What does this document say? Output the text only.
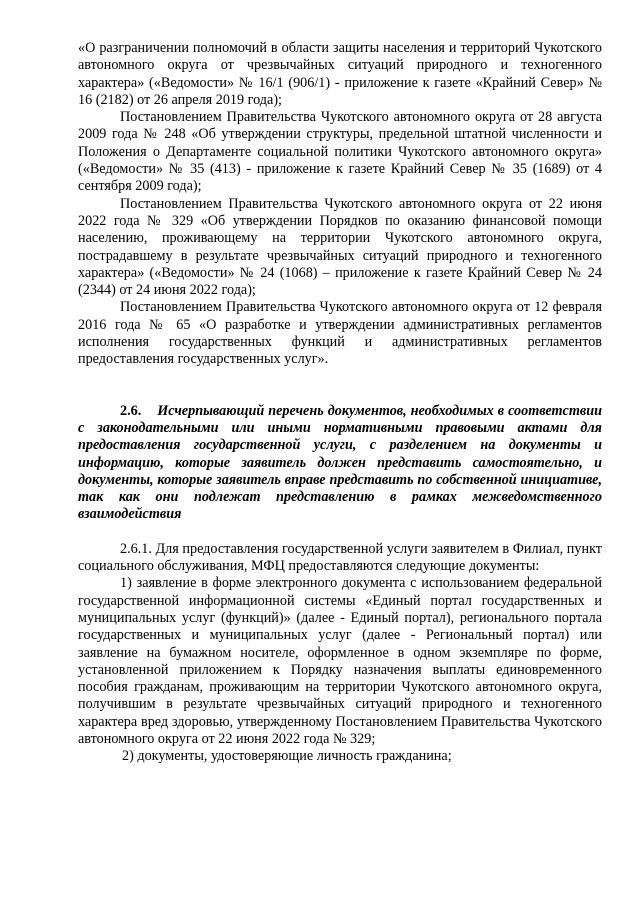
«О разграничении полномочий в области защиты населения и территорий Чукотского автономного округа от чрезвычайных ситуаций природного и техногенного характера» («Ведомости» № 16/1 (906/1) - приложение к газете «Крайний Север» № 16 (2182) от 26 апреля 2019 года);

Постановлением Правительства Чукотского автономного округа от 28 августа 2009 года № 248 «Об утверждении структуры, предельной штатной численности и Положения о Департаменте социальной политики Чукотского автономного округа» («Ведомости» № 35 (413) - приложение к газете Крайний Север № 35 (1689) от 4 сентября 2009 года);

Постановлением Правительства Чукотского автономного округа от 22 июня 2022 года № 329 «Об утверждении Порядков по оказанию финансовой помощи населению, проживающему на территории Чукотского автономного округа, пострадавшему в результате чрезвычайных ситуаций природного и техногенного характера» («Ведомости» № 24 (1068) – приложение к газете Крайний Север № 24 (2344) от 24 июня 2022 года);

Постановлением Правительства Чукотского автономного округа от 12 февраля 2016 года № 65 «О разработке и утверждении административных регламентов исполнения государственных функций и административных регламентов предоставления государственных услуг».

2.6. Исчерпывающий перечень документов, необходимых в соответствии с законодательными или иными нормативными правовыми актами для предоставления государственной услуги, с разделением на документы и информацию, которые заявитель должен представить самостоятельно, и документы, которые заявитель вправе представить по собственной инициативе, так как они подлежат представлению в рамках межведомственного взаимодействия

2.6.1. Для предоставления государственной услуги заявителем в Филиал, пункт социального обслуживания, МФЦ предоставляются следующие документы:

1) заявление в форме электронного документа с использованием федеральной государственной информационной системы «Единый портал государственных и муниципальных услуг (функций)» (далее - Единый портал), регионального портала государственных и муниципальных услуг (далее - Региональный портал) или заявление на бумажном носителе, оформленное в одном экземпляре по форме, установленной приложением к Порядку назначения выплаты единовременного пособия гражданам, проживающим на территории Чукотского автономного округа, получившим в результате чрезвычайных ситуаций природного и техногенного характера вред здоровью, утвержденному Постановлением Правительства Чукотского автономного округа от 22 июня 2022 года № 329;

2) документы, удостоверяющие личность гражданина;
